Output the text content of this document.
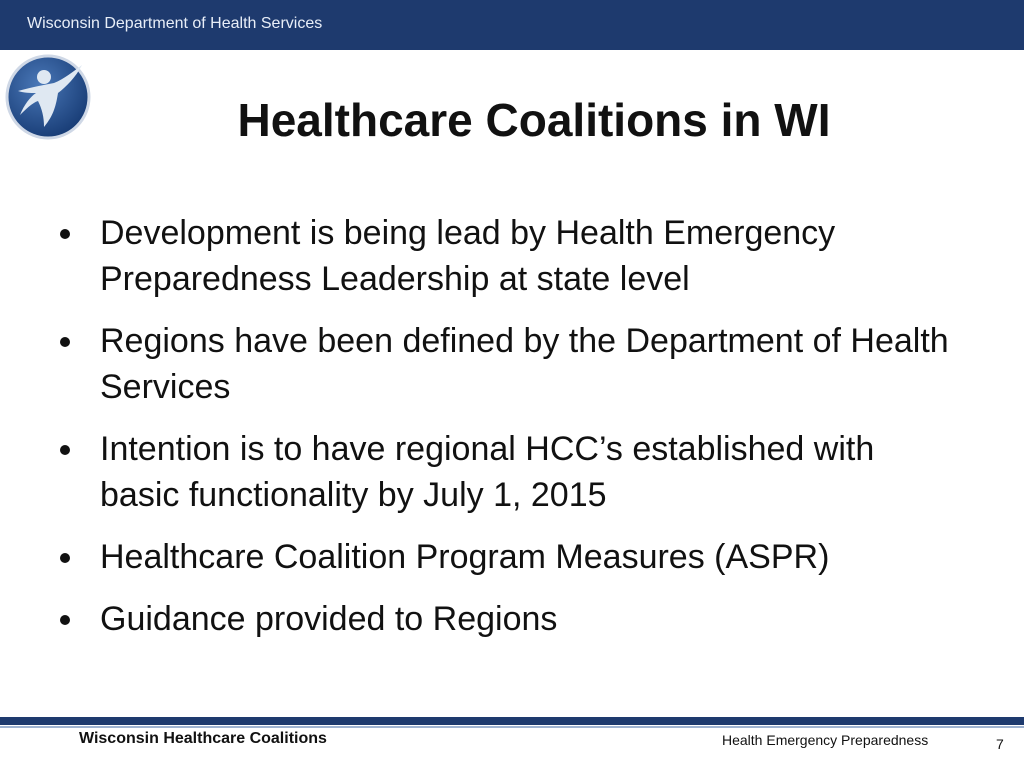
Wisconsin Department of Health Services
Healthcare Coalitions in WI
Development is being lead by Health Emergency Preparedness Leadership at state level
Regions have been defined by the Department of Health Services
Intention is to have regional HCC’s established with basic functionality by July 1, 2015
Healthcare Coalition Program Measures (ASPR)
Guidance provided to Regions
Wisconsin Healthcare Coalitions	Health Emergency Preparedness	7
